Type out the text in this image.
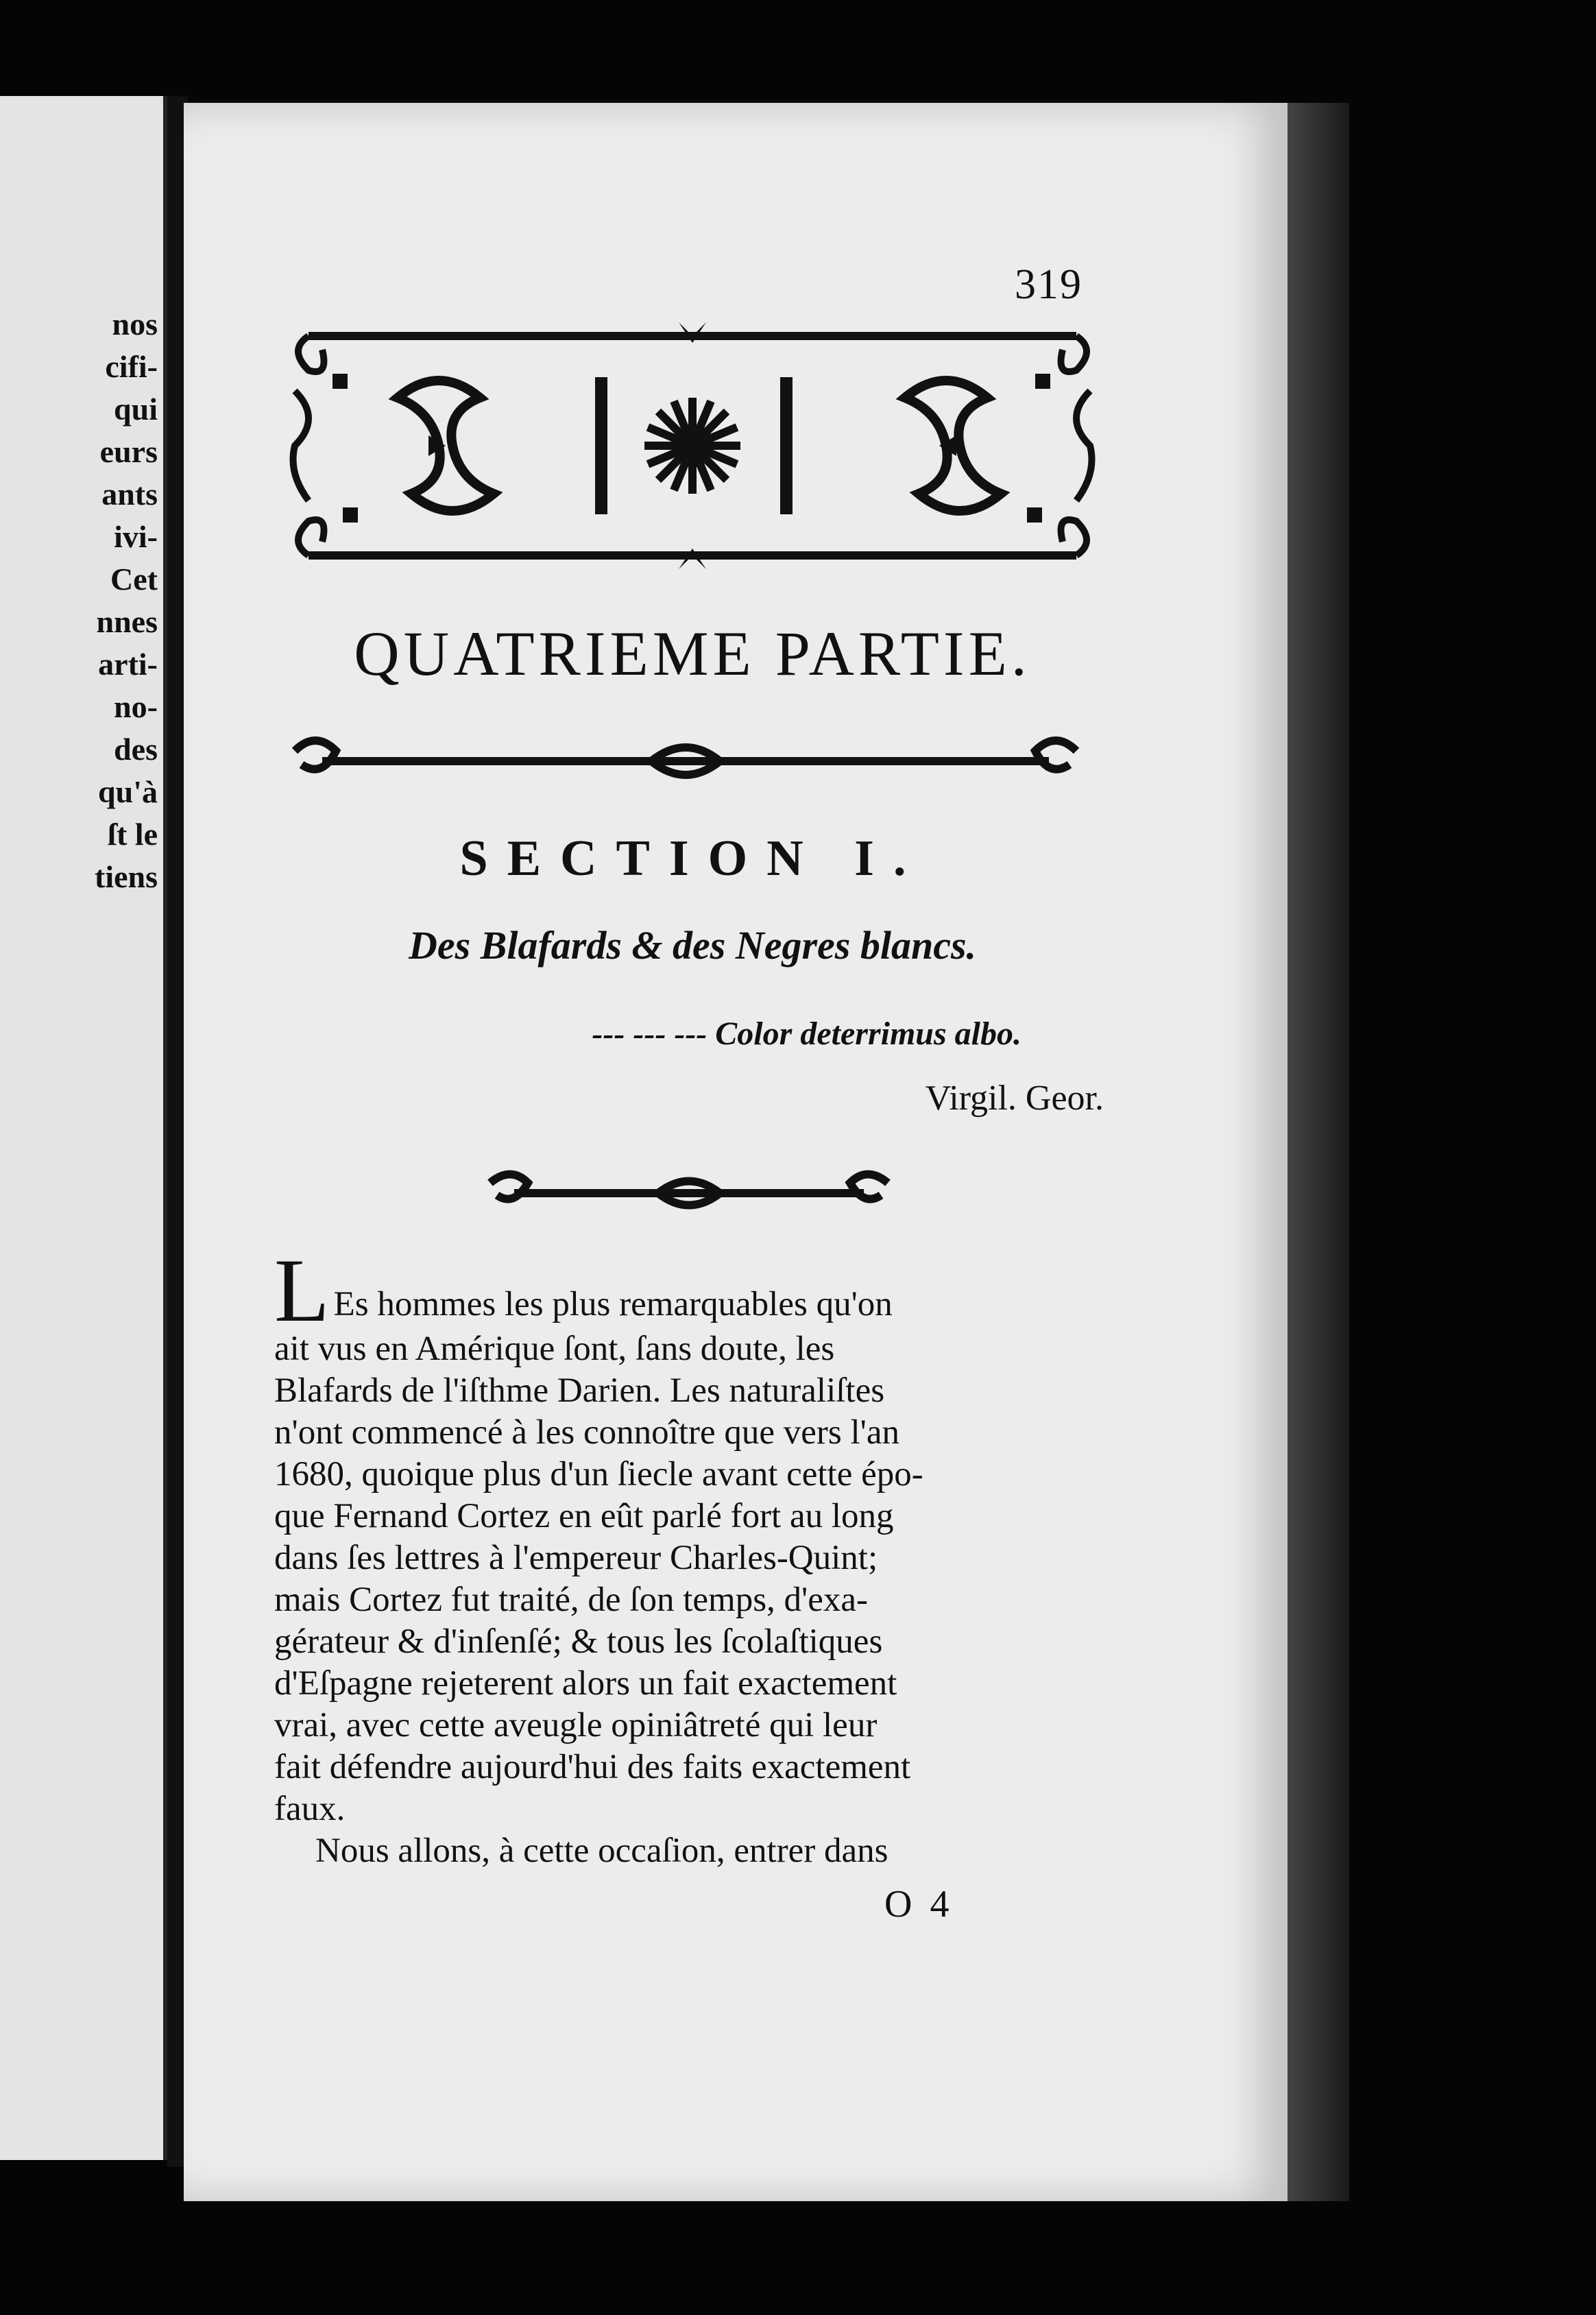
nos
cifi-
qui
eurs
ants
ivi-
Cet
nnes
arti-
no-
des
qu'à
ſt le
tiens
319
QUATRIEME PARTIE.
SECTION I.
Des Blafards & des Negres blancs.
--- --- --- Color deterrimus albo.
Virgil. Geor.
L Es hommes les plus remarquables qu'on
ait vus en Amérique ſont, ſans doute, les
Blafards de l'iſthme Darien. Les naturaliſtes
n'ont commencé à les connoître que vers l'an
1680, quoique plus d'un ſiecle avant cette épo-
que Fernand Cortez en eût parlé fort au long
dans ſes lettres à l'empereur Charles-Quint;
mais Cortez fut traité, de ſon temps, d'exa-
gérateur & d'inſenſé; & tous les ſcolaſtiques
d'Eſpagne rejeterent alors un fait exactement
vrai, avec cette aveugle opiniâtreté qui leur
fait défendre aujourd'hui des faits exactement
faux.
Nous allons, à cette occaſion, entrer dans
O 4
